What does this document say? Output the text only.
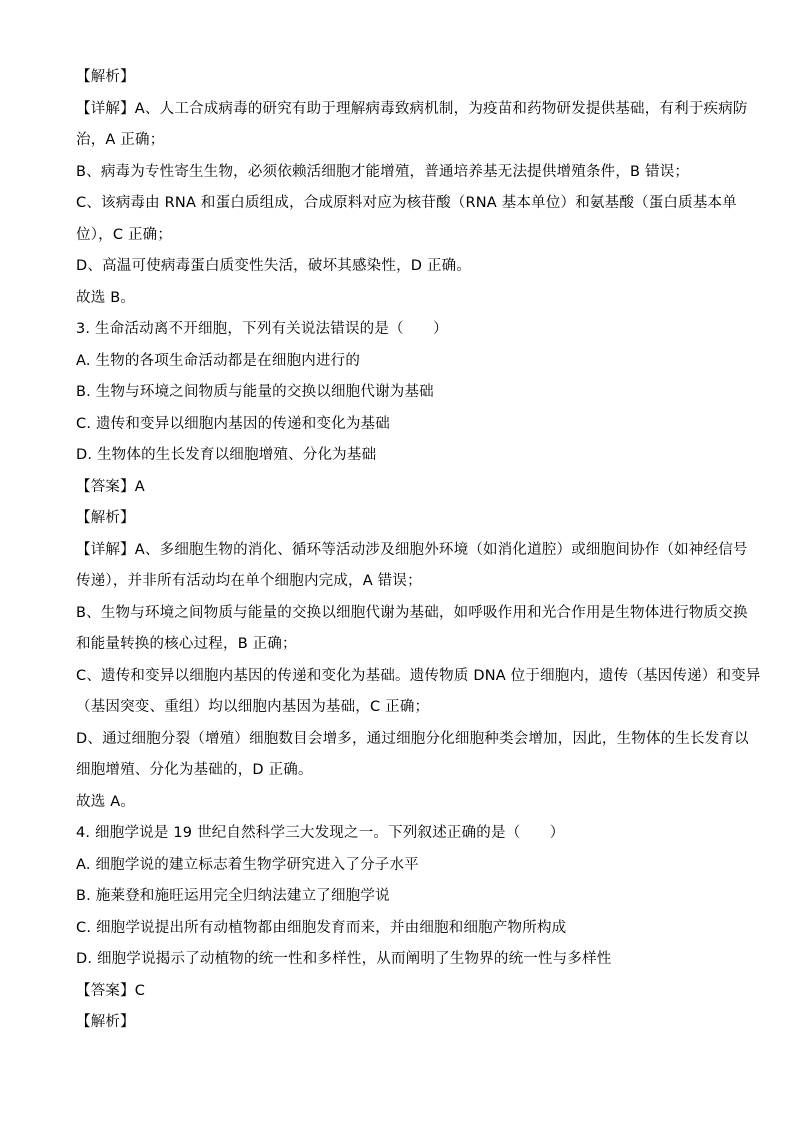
【解析】
【详解】A、人工合成病毒的研究有助于理解病毒致病机制，为疫苗和药物研发提供基础，有利于疾病防
治，A 正确；
B、病毒为专性寄生生物，必须依赖活细胞才能增殖，普通培养基无法提供增殖条件，B 错误；
C、该病毒由 RNA 和蛋白质组成，合成原料对应为核苷酸（RNA 基本单位）和氨基酸（蛋白质基本单
位），C 正确；
D、高温可使病毒蛋白质变性失活，破坏其感染性，D 正确。
故选 B。
3. 生命活动离不开细胞，下列有关说法错误的是（　　）
A. 生物的各项生命活动都是在细胞内进行的
B. 生物与环境之间物质与能量的交换以细胞代谢为基础
C. 遗传和变异以细胞内基因的传递和变化为基础
D. 生物体的生长发育以细胞增殖、分化为基础
【答案】A
【解析】
【详解】A、多细胞生物的消化、循环等活动涉及细胞外环境（如消化道腔）或细胞间协作（如神经信号
传递），并非所有活动均在单个细胞内完成，A 错误；
B、生物与环境之间物质与能量的交换以细胞代谢为基础，如呼吸作用和光合作用是生物体进行物质交换
和能量转换的核心过程，B 正确；
C、遗传和变异以细胞内基因的传递和变化为基础。遗传物质 DNA 位于细胞内，遗传（基因传递）和变异
（基因突变、重组）均以细胞内基因为基础，C 正确；
D、通过细胞分裂（增殖）细胞数目会增多，通过细胞分化细胞种类会增加，因此，生物体的生长发育以
细胞增殖、分化为基础的，D 正确。
故选 A。
4. 细胞学说是 19 世纪自然科学三大发现之一。下列叙述正确的是（　　）
A. 细胞学说的建立标志着生物学研究进入了分子水平
B. 施莱登和施旺运用完全归纳法建立了细胞学说
C. 细胞学说提出所有动植物都由细胞发育而来，并由细胞和细胞产物所构成
D. 细胞学说揭示了动植物的统一性和多样性，从而阐明了生物界的统一性与多样性
【答案】C
【解析】
